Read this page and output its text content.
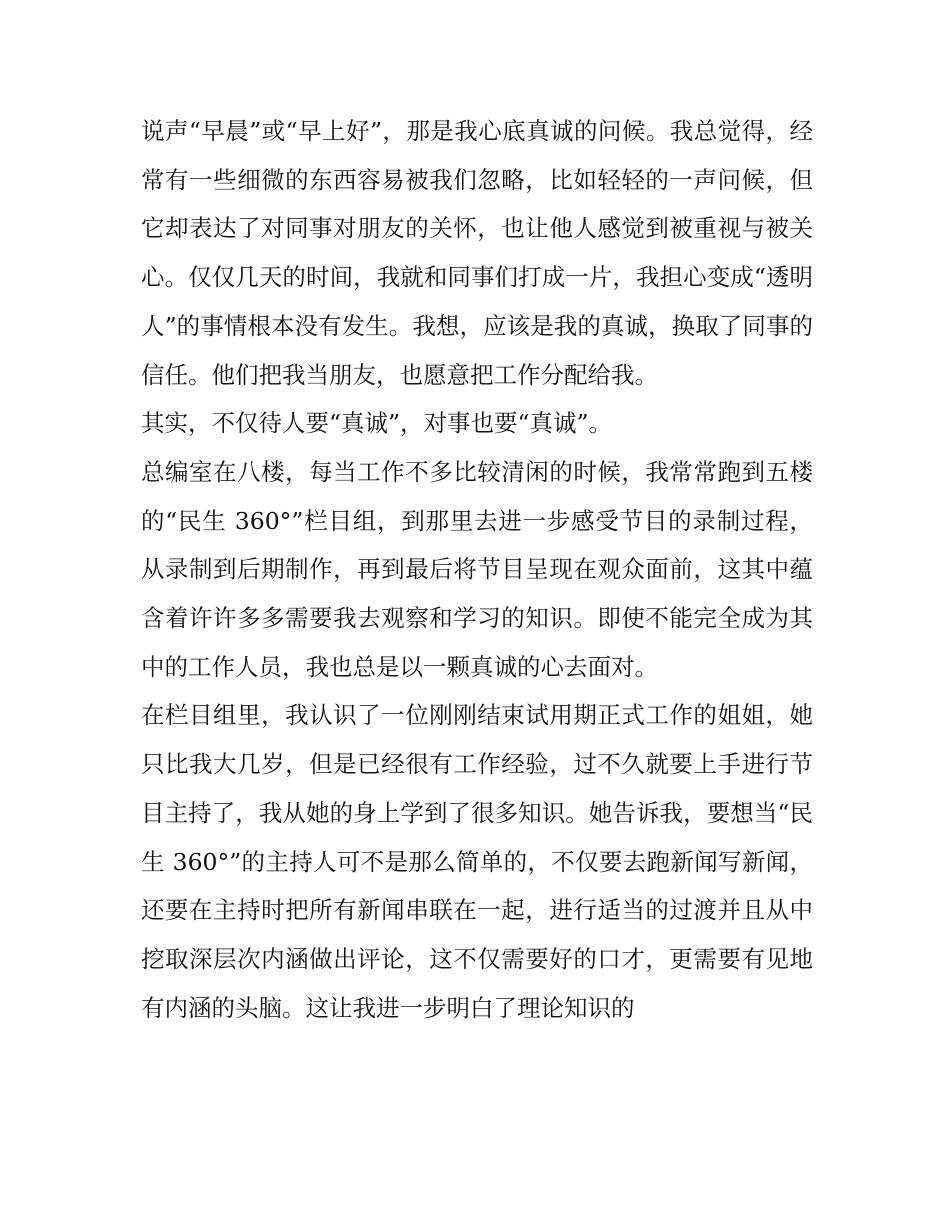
说声“早晨”或“早上好”，那是我心底真诚的问候。我总觉得，经常有一些细微的东西容易被我们忽略，比如轻轻的一声问候，但它却表达了对同事对朋友的关怀，也让他人感觉到被重视与被关心。仅仅几天的时间，我就和同事们打成一片，我担心变成“透明人”的事情根本没有发生。我想，应该是我的真诚，换取了同事的信任。他们把我当朋友，也愿意把工作分配给我。

其实，不仅待人要“真诚”，对事也要“真诚”。

总编室在八楼，每当工作不多比较清闲的时候，我常常跑到五楼的“民生 360°”栏目组，到那里去进一步感受节目的录制过程，从录制到后期制作，再到最后将节目呈现在观众面前，这其中蕴含着许许多多需要我去观察和学习的知识。即使不能完全成为其中的工作人员，我也总是以一颗真诚的心去面对。

在栏目组里，我认识了一位刚刚结束试用期正式工作的姐姐，她只比我大几岁，但是已经很有工作经验，过不久就要上手进行节目主持了，我从她的身上学到了很多知识。她告诉我，要想当“民生 360°”的主持人可不是那么简单的，不仅要去跑新闻写新闻，还要在主持时把所有新闻串联在一起，进行适当的过渡并且从中挖取深层次内涵做出评论，这不仅需要好的口才，更需要有见地有内涵的头脑。这让我进一步明白了理论知识的
